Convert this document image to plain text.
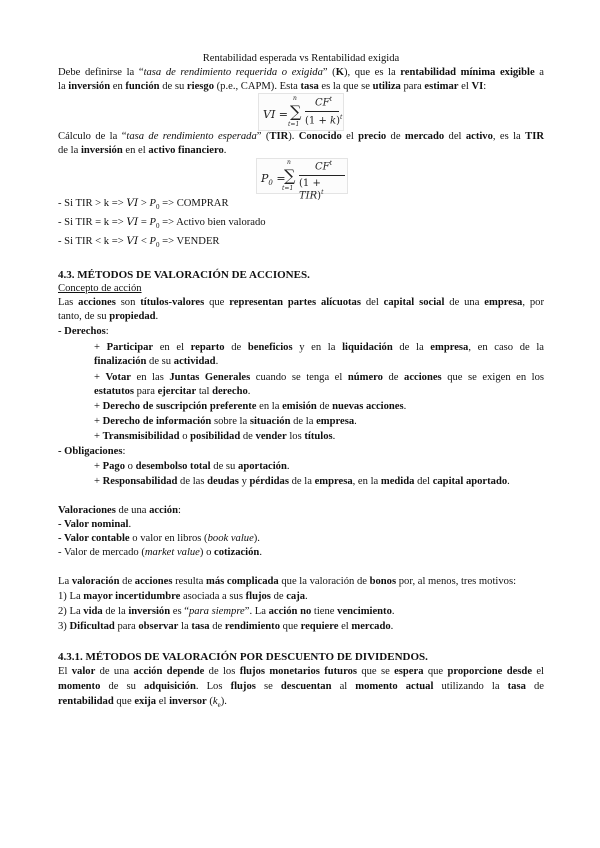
Rentabilidad esperada vs Rentabilidad exigida
Debe definirse la “tasa de rendimiento requerida o exigida” (K), que es la rentabilidad mínima exigible a
la inversión en función de su riesgo (p.e., CAPM). Esta tasa es la que se utiliza para estimar el VI:
VI =
n
∑
t=1
$CF^t$
$(1 + k)^t$
Cálculo de la “tasa de rendimiento esperada” (TIR). Conocido el precio de mercado del activo, es la TIR
de la inversión en el activo financiero.
$P_0$ =
n
∑
t=1
$CF^t$
(1 + TIR)$^t$
- Si TIR > k => VI > $P_0$ => COMPRAR
- Si TIR = k => VI = $P_0$ => Activo bien valorado
- Si TIR < k => VI < $P_0$ => VENDER
4.3. MÉTODOS DE VALORACIÓN DE ACCIONES.
Concepto de acción
Las acciones son títulos-valores que representan partes alícuotas del capital social de una empresa, por
tanto, de su propiedad.
- Derechos:
+ Participar en el reparto de beneficios y en la liquidación de la empresa, en caso de la
finalización de su actividad.
+ Votar en las Juntas Generales cuando se tenga el número de acciones que se exigen en los
estatutos para ejercitar tal derecho.
+ Derecho de suscripción preferente en la emisión de nuevas acciones.
+ Derecho de información sobre la situación de la empresa.
+ Transmisibilidad o posibilidad de vender los títulos.
- Obligaciones:
+ Pago o desembolso total de su aportación.
+ Responsabilidad de las deudas y pérdidas de la empresa, en la medida del capital aportado.
Valoraciones de una acción:
- Valor nominal.
- Valor contable o valor en libros (book value).
- Valor de mercado (market value) o cotización.
La valoración de acciones resulta más complicada que la valoración de bonos por, al menos, tres motivos:
1) La mayor incertidumbre asociada a sus flujos de caja.
2) La vida de la inversión es “para siempre”. La acción no tiene vencimiento.
3) Dificultad para observar la tasa de rendimiento que requiere el mercado.
4.3.1. MÉTODOS DE VALORACIÓN POR DESCUENTO DE DIVIDENDOS.
El valor de una acción depende de los flujos monetarios futuros que se espera que proporcione desde el
momento de su adquisición. Los flujos se descuentan al momento actual utilizando la tasa de
rentabilidad que exija el inversor $(k_e)$.
